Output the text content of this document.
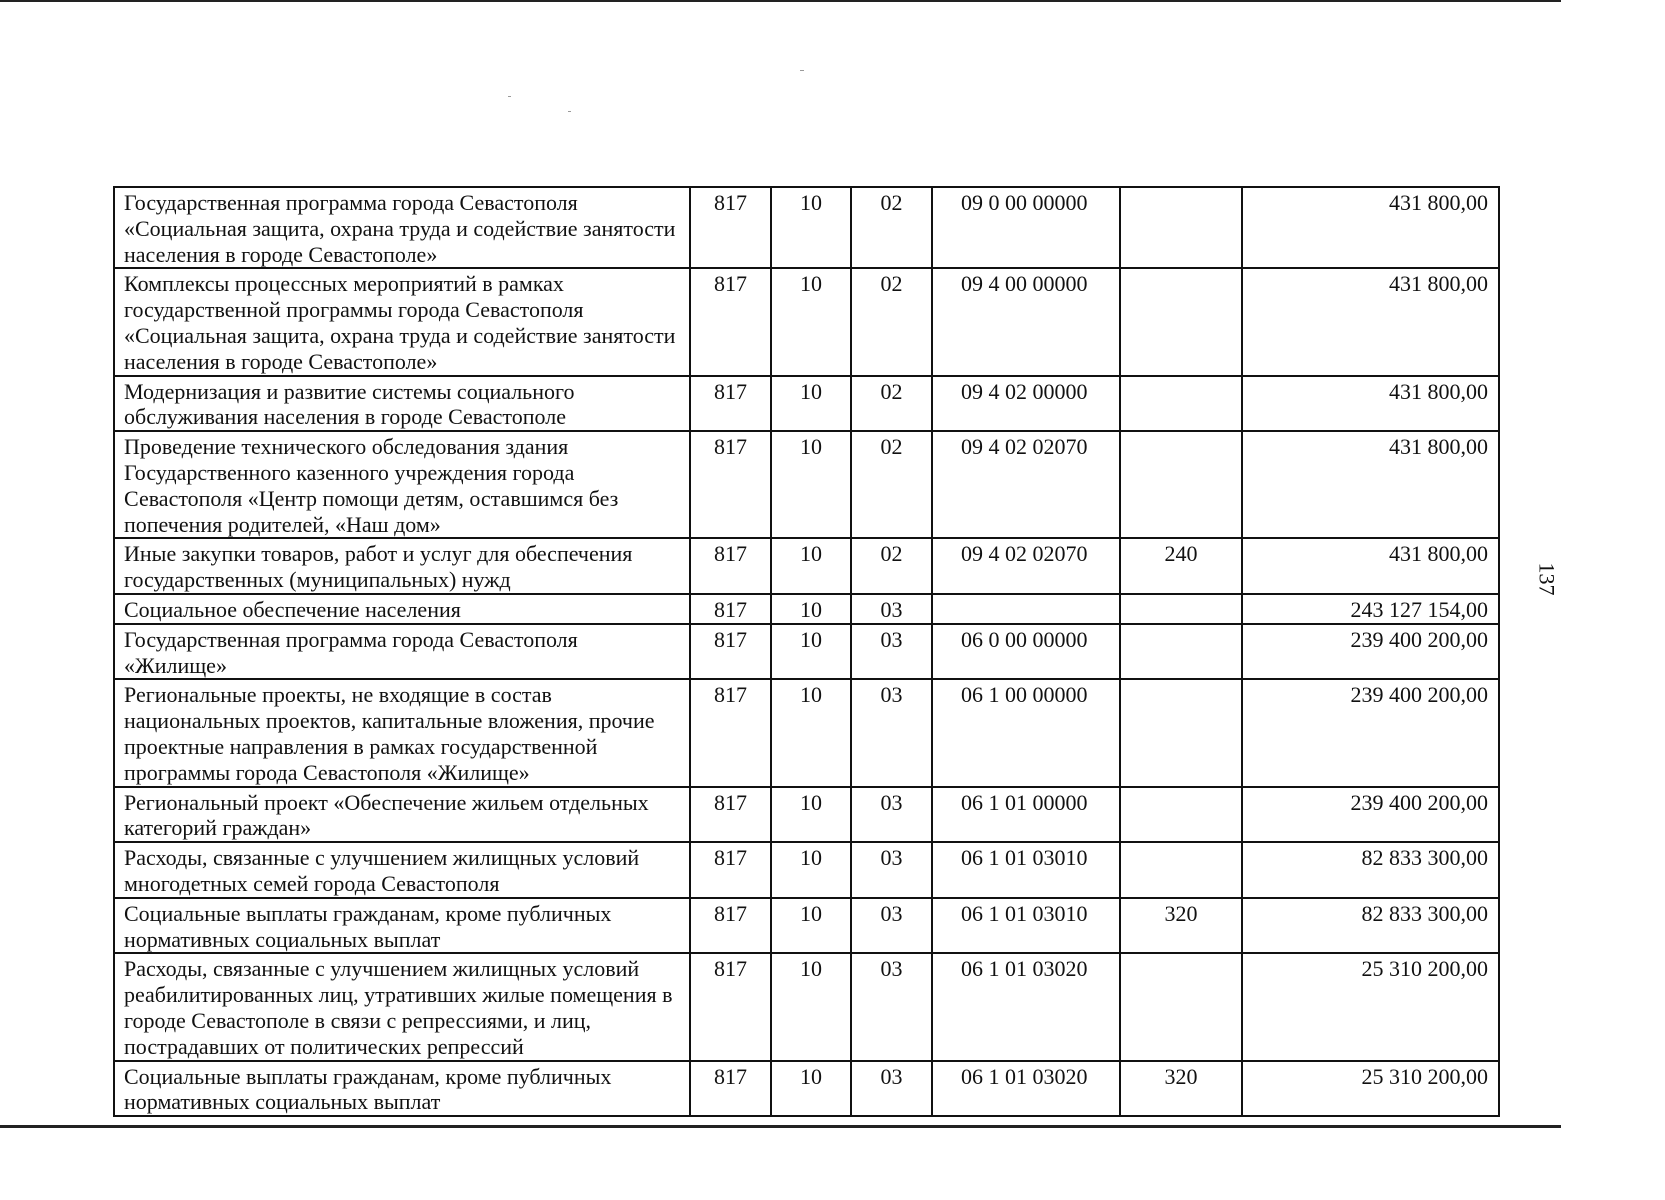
Государственная программа города Севастополя «Социальная защита, охрана труда и содействие занятости населения в городе Севастополе»	817	10	02	09 0 00 00000		431 800,00
Комплексы процессных мероприятий в рамках государственной программы города Севастополя «Социальная защита, охрана труда и содействие занятости населения в городе Севастополе»	817	10	02	09 4 00 00000		431 800,00
Модернизация и развитие системы социального обслуживания населения в городе Севастополе	817	10	02	09 4 02 00000		431 800,00
Проведение технического обследования здания Государственного казенного учреждения города Севастополя «Центр помощи детям, оставшимся без попечения родителей, «Наш дом»	817	10	02	09 4 02 02070		431 800,00
Иные закупки товаров, работ и услуг для обеспечения государственных (муниципальных) нужд	817	10	02	09 4 02 02070	240	431 800,00
Социальное обеспечение населения	817	10	03			243 127 154,00
Государственная программа города Севастополя «Жилище»	817	10	03	06 0 00 00000		239 400 200,00
Региональные проекты, не входящие в состав национальных проектов, капитальные вложения, прочие проектные направления в рамках государственной программы города Севастополя «Жилище»	817	10	03	06 1 00 00000		239 400 200,00
Региональный проект «Обеспечение жильем отдельных категорий граждан»	817	10	03	06 1 01 00000		239 400 200,00
Расходы, связанные с улучшением жилищных условий многодетных семей города Севастополя	817	10	03	06 1 01 03010		82 833 300,00
Социальные выплаты гражданам, кроме публичных нормативных социальных выплат	817	10	03	06 1 01 03010	320	82 833 300,00
Расходы, связанные с улучшением жилищных условий реабилитированных лиц, утративших жилые помещения в городе Севастополе в связи с репрессиями, и лиц, пострадавших от политических репрессий	817	10	03	06 1 01 03020		25 310 200,00
Социальные выплаты гражданам, кроме публичных нормативных социальных выплат	817	10	03	06 1 01 03020	320	25 310 200,00
137
